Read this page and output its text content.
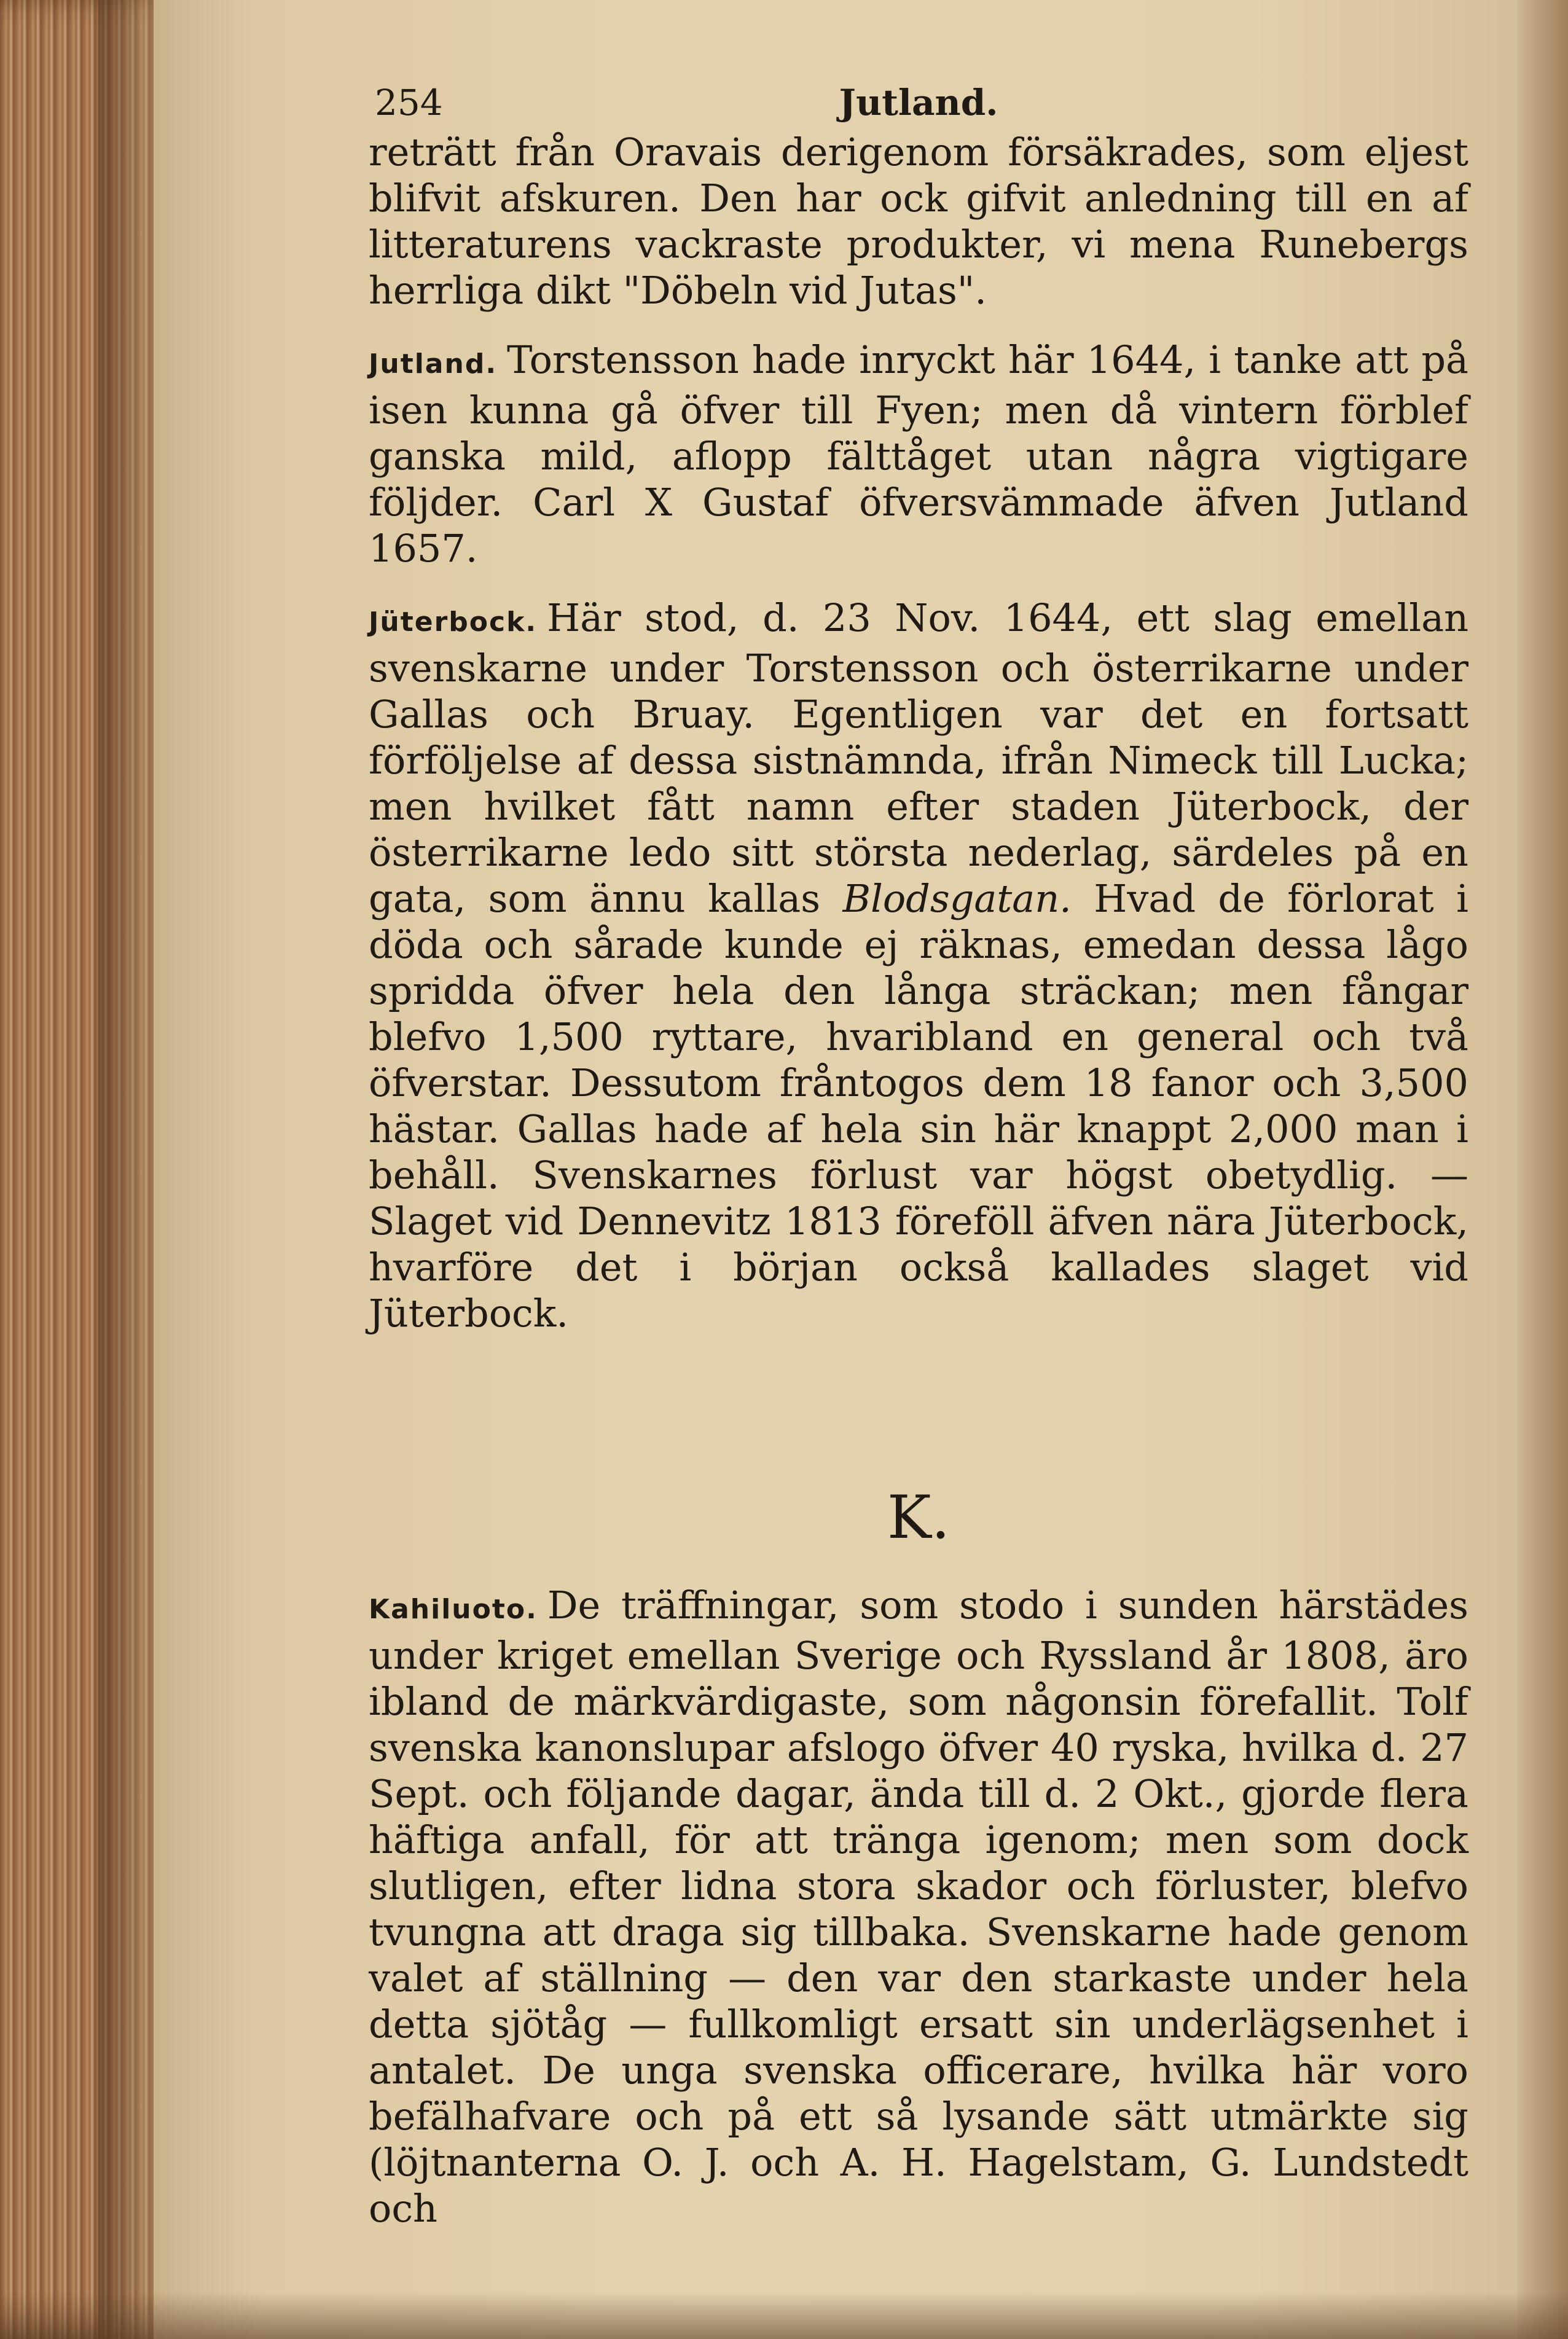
254	Jutland.

reträtt från Oravais derigenom försäkrades, som eljest blifvit afskuren. Den har ock gifvit anledning till en af litteraturens vackraste produkter, vi mena Runebergs herrliga dikt "Döbeln vid Jutas".

Jutland. Torstensson hade inryckt här 1644, i tanke att på isen kunna gå öfver till Fyen; men då vintern förblef ganska mild, aflopp fälttåget utan några vigtigare följder. Carl X Gustaf öfversvämmade äfven Jutland 1657.

Jüterbock. Här stod, d. 23 Nov. 1644, ett slag emellan svenskarne under Torstensson och österrikarne under Gallas och Bruay. Egentligen var det en fortsatt förföljelse af dessa sistnämnda, ifrån Nimeck till Lucka; men hvilket fått namn efter staden Jüterbock, der österrikarne ledo sitt största nederlag, särdeles på en gata, som ännu kallas Blodsgatan. Hvad de förlorat i döda och sårade kunde ej räknas, emedan dessa lågo spridda öfver hela den långa sträckan; men fångar blefvo 1,500 ryttare, hvaribland en general och två öfverstar. Dessutom fråntogos dem 18 fanor och 3,500 hästar. Gallas hade af hela sin här knappt 2,000 man i behåll. Svenskarnes förlust var högst obetydlig. — Slaget vid Dennevitz 1813 föreföll äfven nära Jüterbock, hvarföre det i början också kallades slaget vid Jüterbock.

K.

Kahiluoto. De träffningar, som stodo i sunden härstädes under kriget emellan Sverige och Ryssland år 1808, äro ibland de märkvärdigaste, som någonsin förefallit. Tolf svenska kanonslupar afslogo öfver 40 ryska, hvilka d. 27 Sept. och följande dagar, ända till d. 2 Okt., gjorde flera häftiga anfall, för att tränga igenom; men som dock slutligen, efter lidna stora skador och förluster, blefvo tvungna att draga sig tillbaka. Svenskarne hade genom valet af ställning — den var den starkaste under hela detta sjötåg — fullkomligt ersatt sin underlägsenhet i antalet. De unga svenska officerare, hvilka här voro befälhafvare och på ett så lysande sätt utmärkte sig (löjtnanterna O. J. och A. H. Hagelstam, G. Lundstedt och
